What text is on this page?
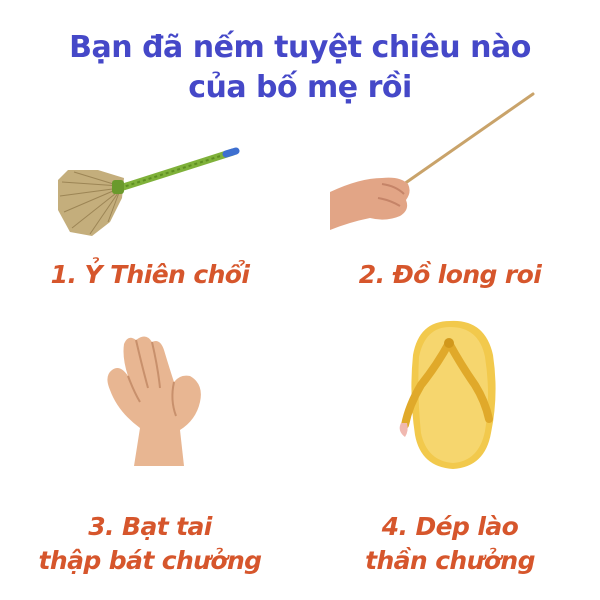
Bạn đã nếm tuyệt chiêu nào
của bố mẹ rồi
1. Ỷ Thiên chổi	2. Đồ long roi
3. Bạt tai
thập bát chưởng
4. Dép lào
thần chưởng
